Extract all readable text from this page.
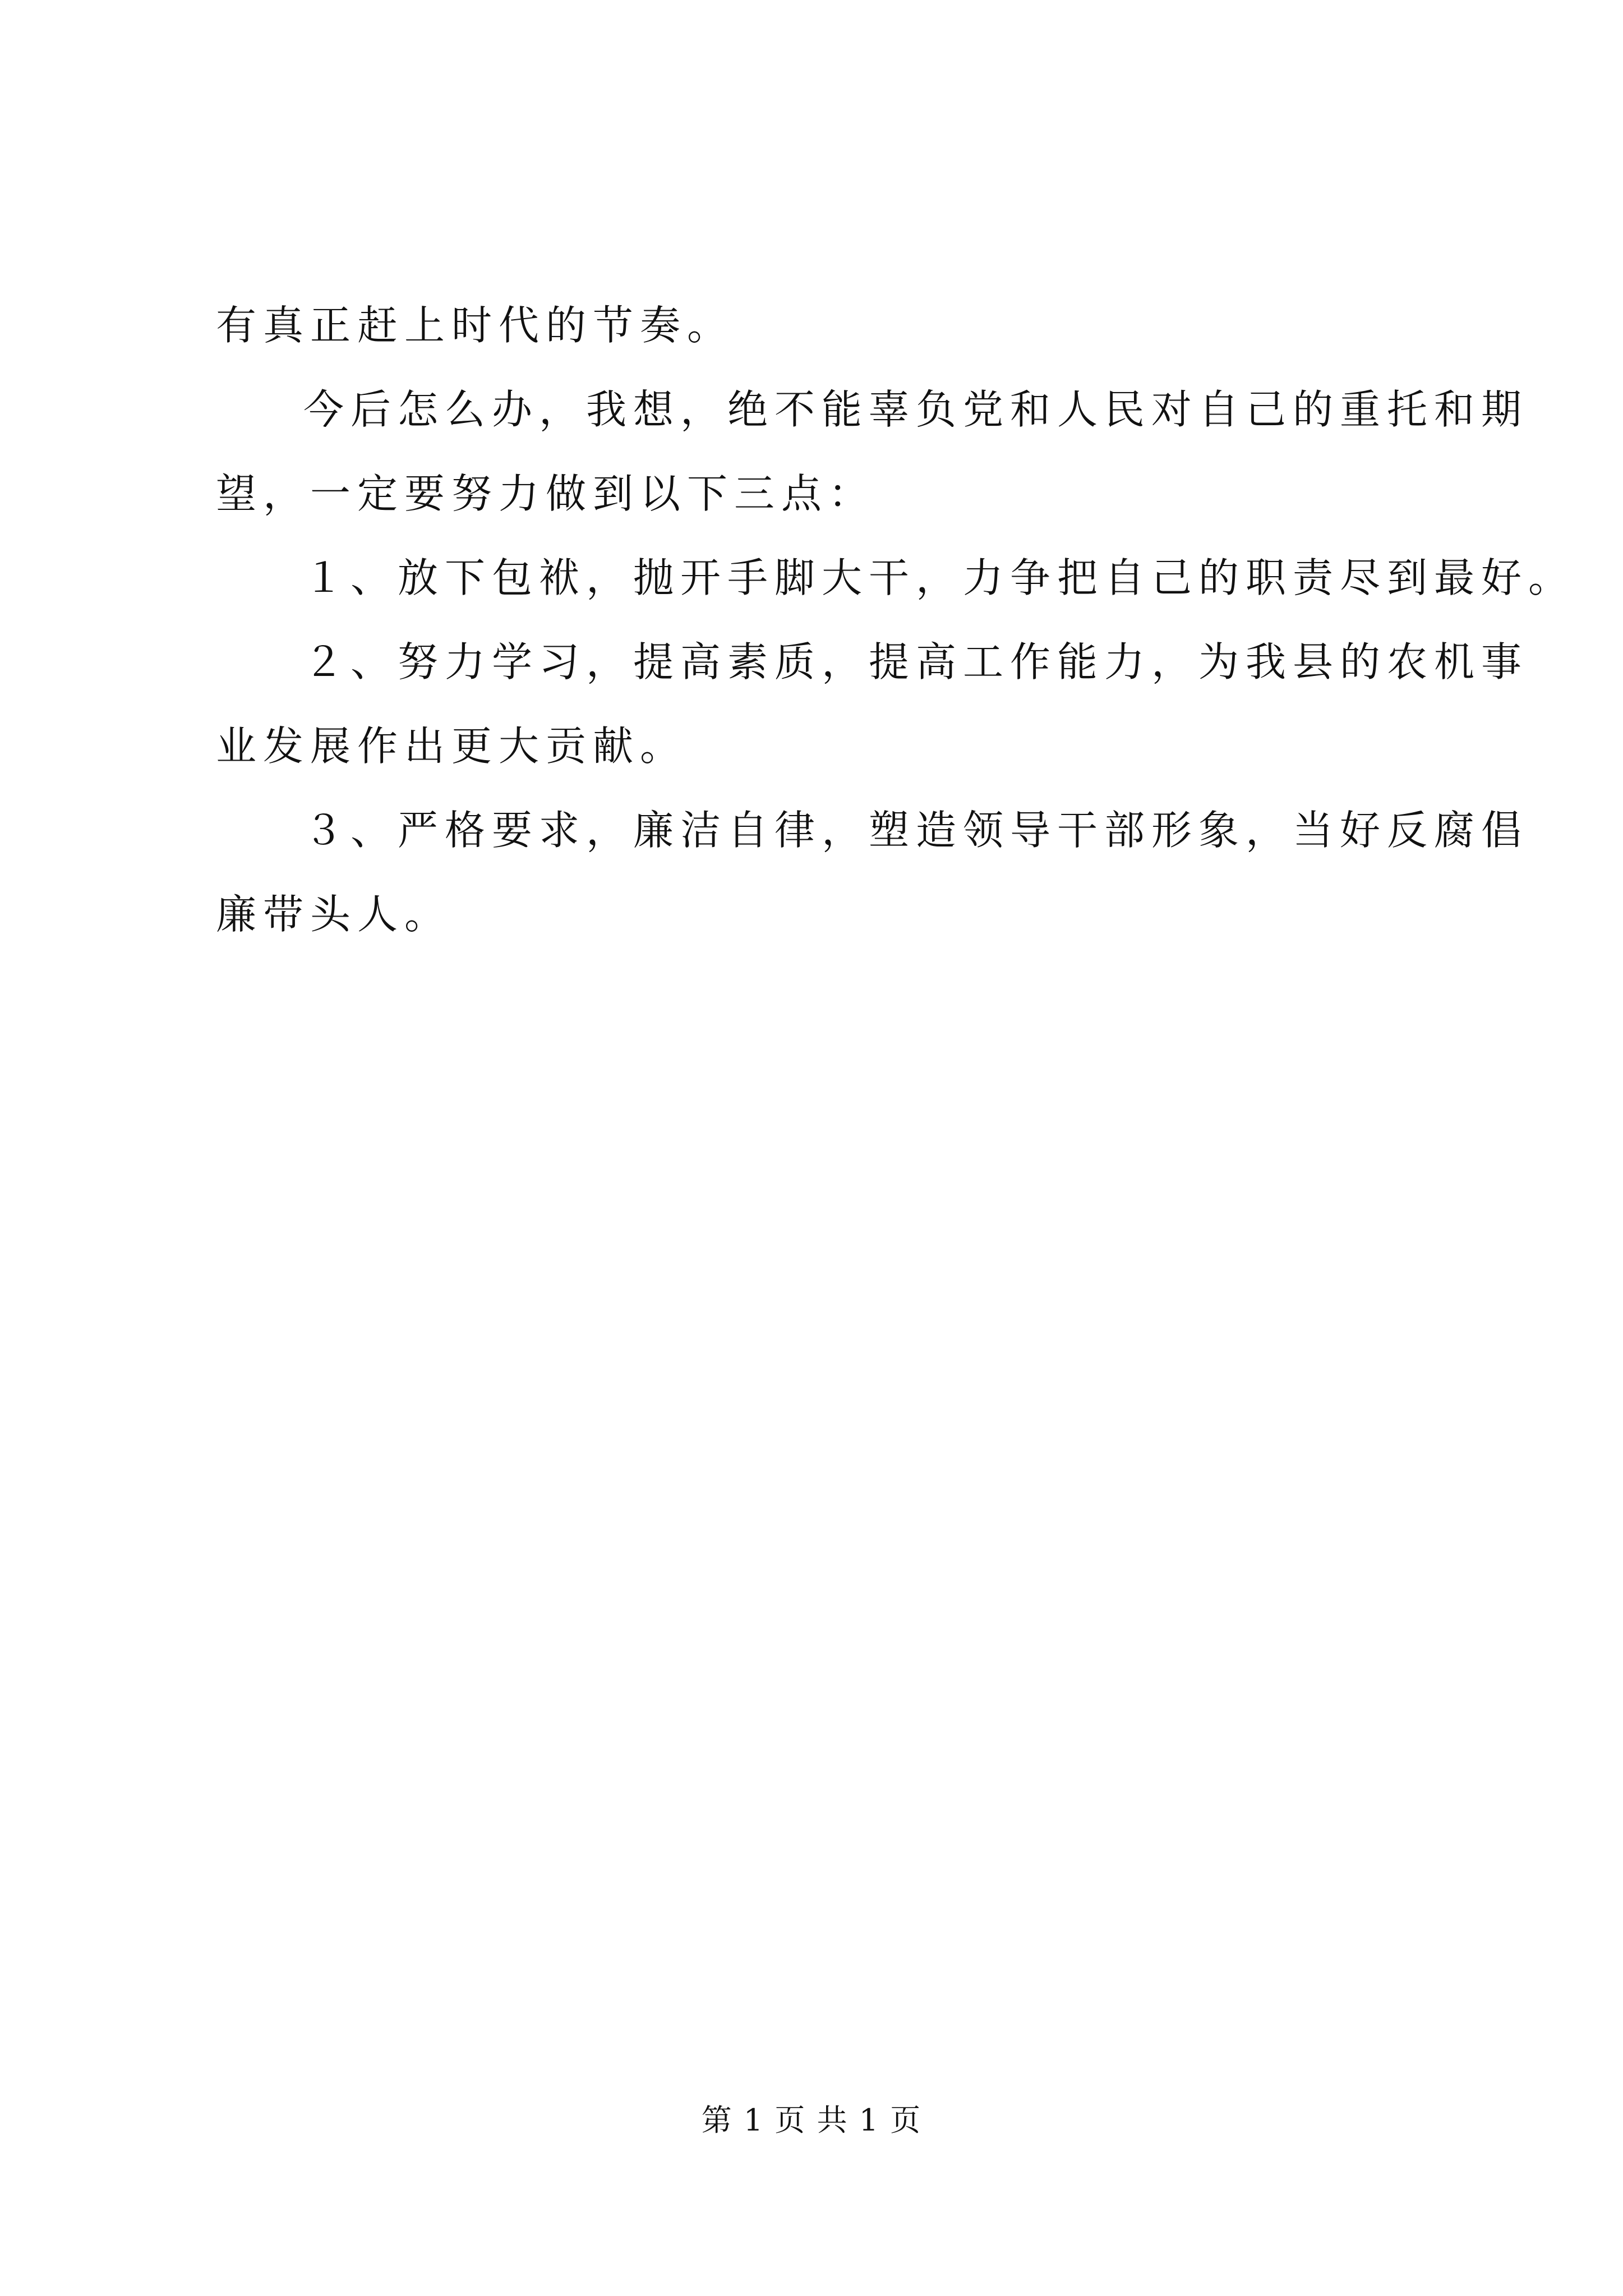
有真正赶上时代的节奏。
今后怎么办，我想，绝不能辜负党和人民对自己的重托和期
望，一定要努力做到以下三点：
１、放下包袱，抛开手脚大干，力争把自己的职责尽到最好。
２、努力学习，提高素质，提高工作能力，为我县的农机事
业发展作出更大贡献。
３、严格要求，廉洁自律，塑造领导干部形象，当好反腐倡
廉带头人。
第 1 页 共 1 页
